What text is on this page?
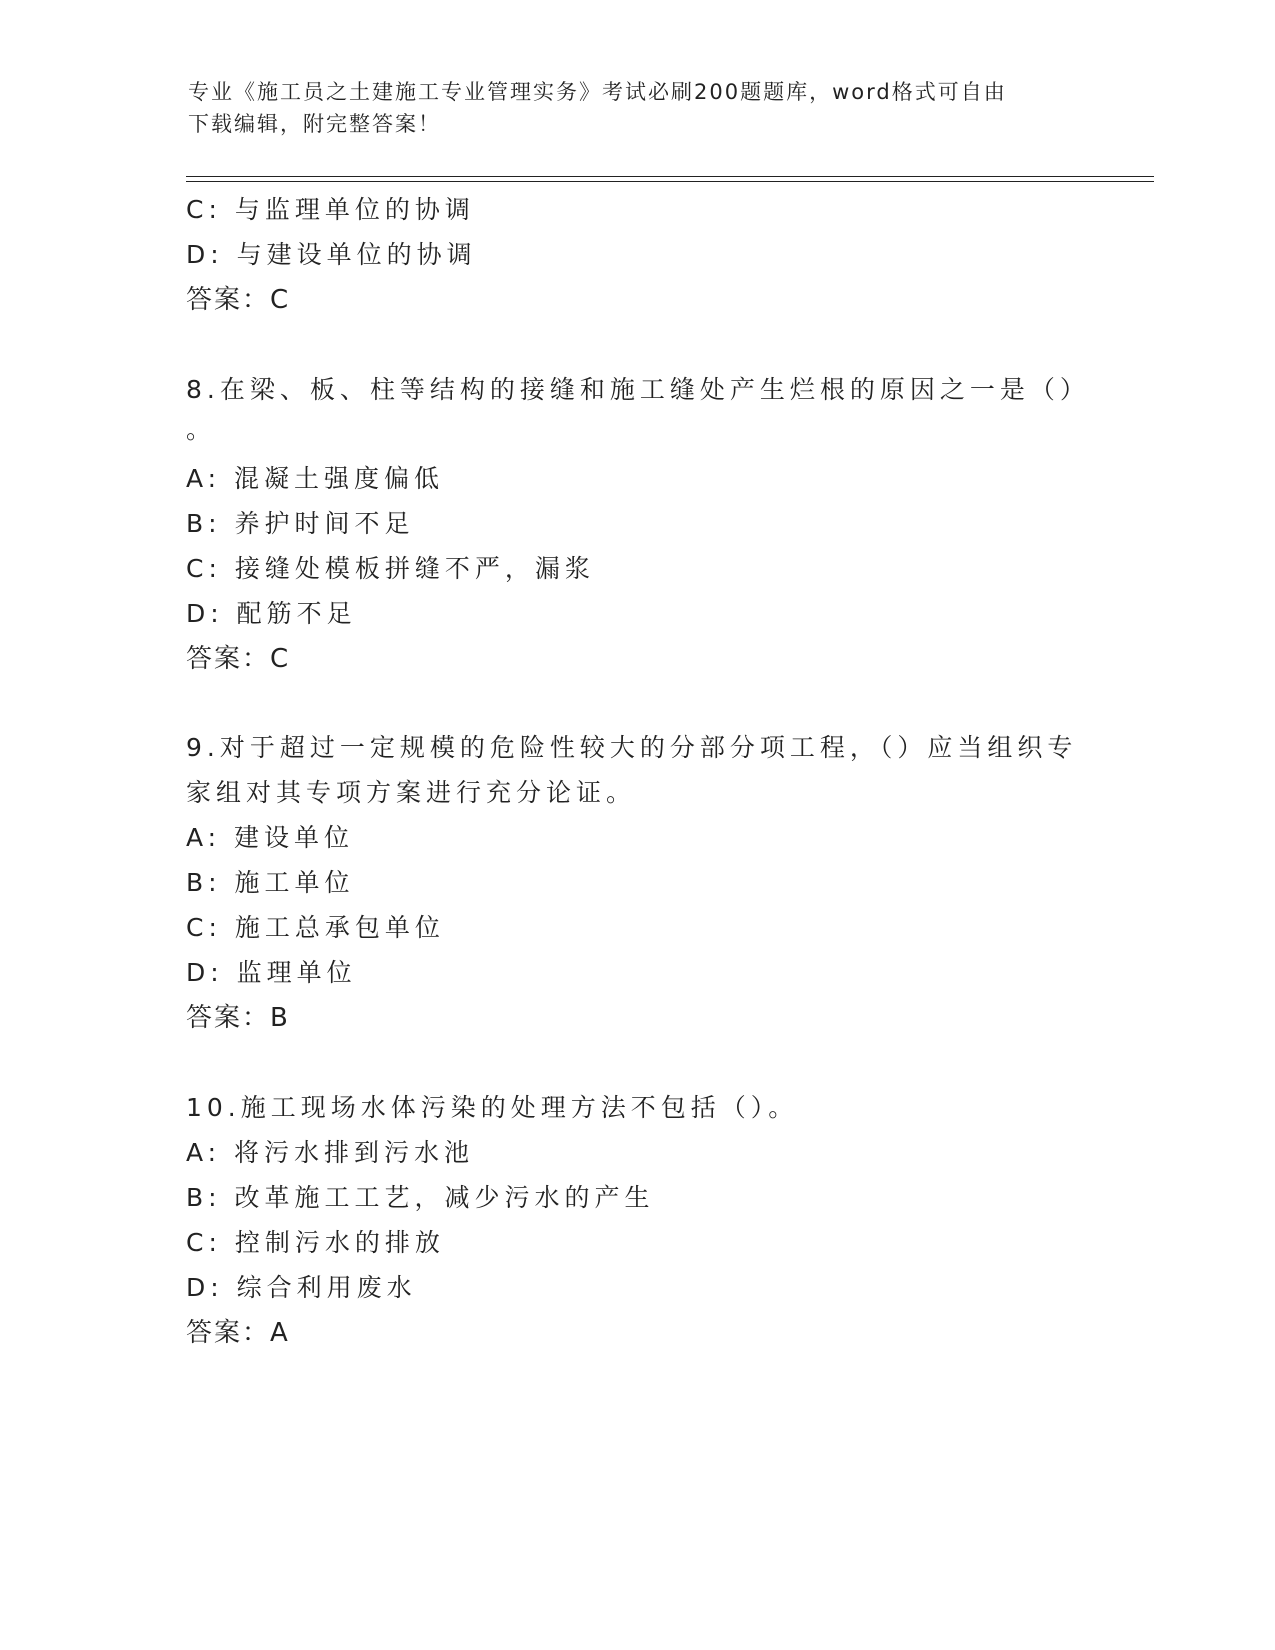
专业《施工员之土建施工专业管理实务》考试必刷200题题库，word格式可自由
下载编辑，附完整答案！
C: 与监理单位的协调
D: 与建设单位的协调
答案：C
8.在梁、板、柱等结构的接缝和施工缝处产生烂根的原因之一是（）
。
A: 混凝土强度偏低
B: 养护时间不足
C: 接缝处模板拼缝不严，漏浆
D: 配筋不足
答案：C
9.对于超过一定规模的危险性较大的分部分项工程，（）应当组织专
家组对其专项方案进行充分论证。
A: 建设单位
B: 施工单位
C: 施工总承包单位
D: 监理单位
答案：B
10.施工现场水体污染的处理方法不包括（）。
A: 将污水排到污水池
B: 改革施工工艺，减少污水的产生
C: 控制污水的排放
D: 综合利用废水
答案：A
